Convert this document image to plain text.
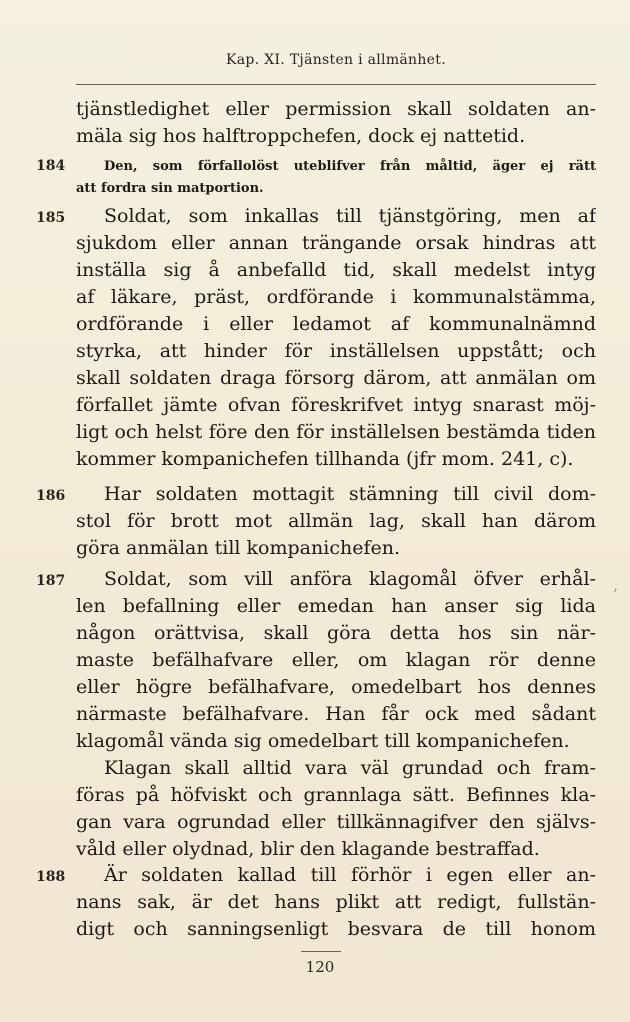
Kap. XI. Tjänsten i allmänhet.
tjänstledighet eller permission skall soldaten an-
mäla sig hos halftroppchefen, dock ej nattetid.
184	Den, som förfallolöst uteblifver från måltid, äger ej rätt
att fordra sin matportion.
185	Soldat, som inkallas till tjänstgöring, men af
sjukdom eller annan trängande orsak hindras att
inställa sig å anbefalld tid, skall medelst intyg
af läkare, präst, ordförande i kommunalstämma,
ordförande i eller ledamot af kommunalnämnd
styrka, att hinder för inställelsen uppstått; och
skall soldaten draga försorg därom, att anmälan om
förfallet jämte ofvan föreskrifvet intyg snarast möj-
ligt och helst före den för inställelsen bestämda tiden
kommer kompanichefen tillhanda (jfr mom. 241, c).
186	Har soldaten mottagit stämning till civil dom-
stol för brott mot allmän lag, skall han därom
göra anmälan till kompanichefen.
187	Soldat, som vill anföra klagomål öfver erhål-
len befallning eller emedan han anser sig lida
någon orättvisa, skall göra detta hos sin när-
maste befälhafvare eller, om klagan rör denne
eller högre befälhafvare, omedelbart hos dennes
närmaste befälhafvare. Han får ock med sådant
klagomål vända sig omedelbart till kompanichefen.
Klagan skall alltid vara väl grundad och fram-
föras på höfviskt och grannlaga sätt. Befinnes kla-
gan vara ogrundad eller tillkännagifver den självs-
våld eller olydnad, blir den klagande bestraffad.
188	Är soldaten kallad till förhör i egen eller an-
nans sak, är det hans plikt att redigt, fullstän-
digt och sanningsenligt besvara de till honom
,
120
